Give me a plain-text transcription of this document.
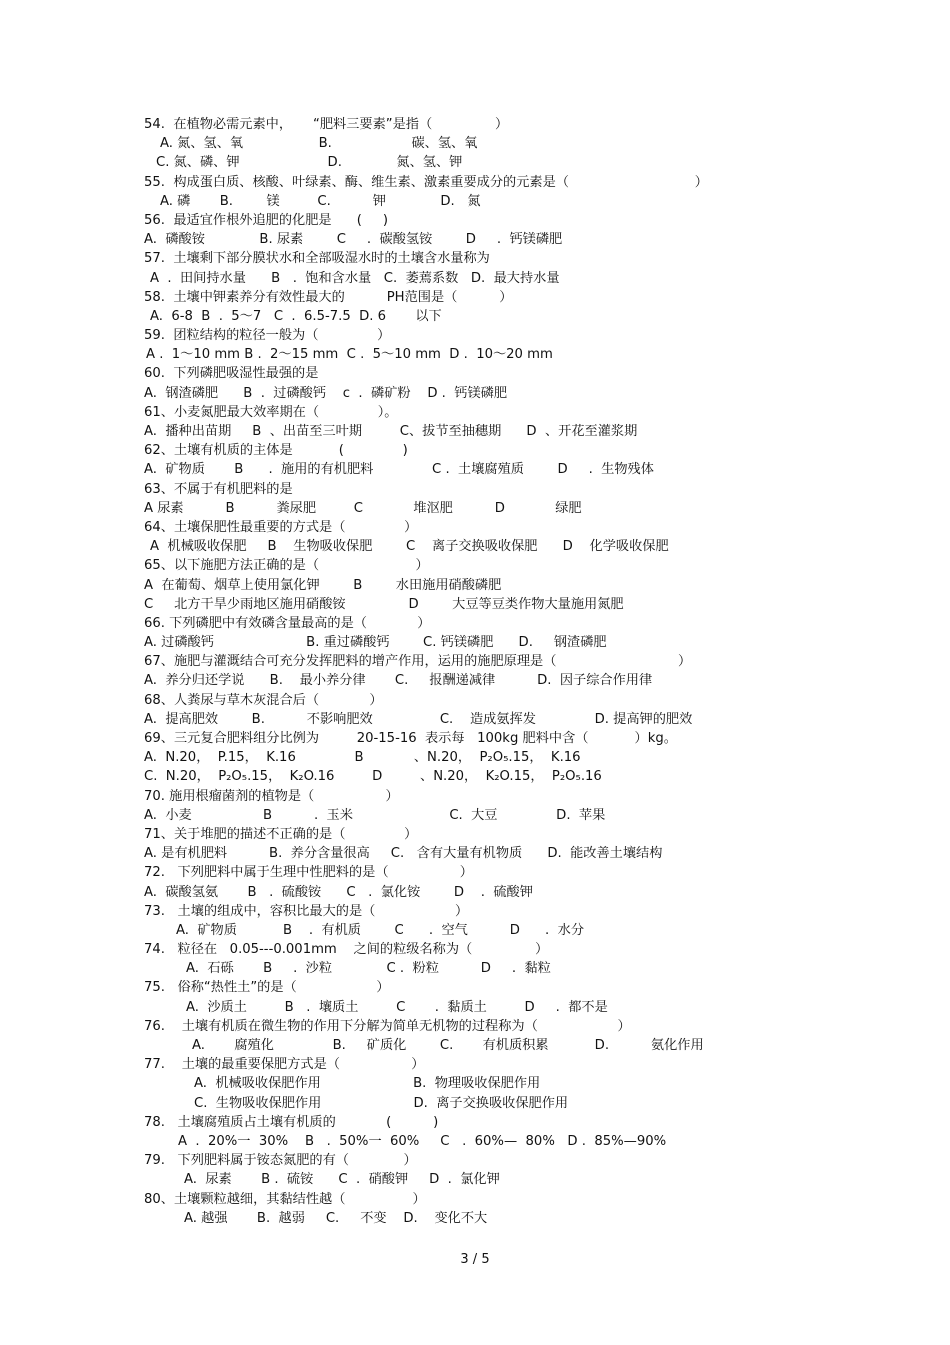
54.  在植物必需元素中，     “肥料三要素”是指（               ）
A. 氮、氢、氧                  B.                   碳、氢、氧
C. 氮、磷、钾                     D.             氮、氢、钾
55.  构成蛋白质、核酸、叶绿素、酶、维生素、激素重要成分的元素是（                              ）
A. 磷       B.        镁         C.          钾             D.   氮
56.  最适宜作根外追肥的化肥是      (     )
A.  磷酸铵             B. 尿素        C     .  碳酸氢铵        D     .  钙镁磷肥
57.  土壤剩下部分膜状水和全部吸湿水时的土壤含水量称为
A  .  田间持水量      B   .  饱和含水量   C.  萎蔫系数   D.  最大持水量
58.  土壤中钾素养分有效性最大的          PH范围是（          ）
A.  6-8  B  .  5～7   C  .  6.5-7.5  D. 6       以下
59.  团粒结构的粒径一般为（              ）
A .  1～10 mm B .  2～15 mm  C .  5～10 mm  D .  10～20 mm
60.  下列磷肥吸湿性最强的是
A.  钢渣磷肥      B  .  过磷酸钙    c  .  磷矿粉    D .  钙镁磷肥
61、小麦氮肥最大效率期在（              ）。
A.  播种出苗期     B  、出苗至三叶期         C、拔节至抽穗期      D  、开花至灌浆期
62、土壤有机质的主体是           (              )
A.  矿物质       B      .  施用的有机肥料              C .  土壤腐殖质        D     .  生物残体
63、不属于有机肥料的是
A 尿素          B          粪尿肥         C            堆沤肥          D            绿肥
64、土壤保肥性最重要的方式是（              ）
A  机械吸收保肥     B    生物吸收保肥        C    离子交换吸收保肥      D    化学吸收保肥
65、以下施肥方法正确的是（                       ）
A  在葡萄、烟草上使用氯化钾        B        水田施用硝酸磷肥
C     北方干旱少雨地区施用硝酸铵               D        大豆等豆类作物大量施用氮肥
66. 下列磷肥中有效磷含量最高的是（            ）
A. 过磷酸钙                      B. 重过磷酸钙        C. 钙镁磷肥      D.     钢渣磷肥
67、施肥与灌溉结合可充分发挥肥料的增产作用，运用的施肥原理是（                             ）
A.  养分归还学说      B.    最小养分律       C.     报酬递减律          D.  因子综合作用律
68、人粪尿与草木灰混合后（            ）
A.  提高肥效        B.          不影响肥效                C.    造成氨挥发              D. 提高钾的肥效
69、三元复合肥料组分比例为         20-15-16  表示每   100kg 肥料中含（           ）kg。
A.  N.20，  P.15，  K.16              B            、N.20，  P₂O₅.15，  K.16
C.  N.20，  P₂O₅.15，  K₂O.16         D         、N.20，  K₂O.15，  P₂O₅.16
70. 施用根瘤菌剂的植物是（                 ）
A.  小麦                 B          .  玉米                       C.  大豆              D.  苹果
71、关于堆肥的描述不正确的是（              ）
A. 是有机肥料          B.  养分含量很高     C.   含有大量有机物质      D.  能改善土壤结构
72.   下列肥料中属于生理中性肥料的是（                 ）
A.  碳酸氢氨       B   .  硫酸铵      C   .  氯化铵        D    .  硫酸钾
73.   土壤的组成中，容积比最大的是（                   ）
A.  矿物质           B    .  有机质        C      .  空气          D      .  水分
74.   粒径在   0.05---0.001mm    之间的粒级名称为（               ）
A.  石砾       B     .  沙粒             C .  粉粒          D     .  黏粒
75.   俗称“热性土”的是（                   ）
A.  沙质土         B   .  壤质土         C       .  黏质土         D     .  都不是
76.    土壤有机质在微生物的作用下分解为简单无机物的过程称为（                   ）
A.       腐殖化              B.     矿质化        C.       有机质积累           D.          氨化作用
77.    土壤的最重要保肥方式是（                 ）
A.  机械吸收保肥作用                      B.  物理吸收保肥作用
C.  生物吸收保肥作用                      D.  离子交换吸收保肥作用
78.   土壤腐殖质占土壤有机质的            (          )
A  .  20%一  30%    B   .  50%一  60%     C   .  60%—  80%   D .  85%—90%
79.   下列肥料属于铵态氮肥的有（             ）
A.  尿素       B .  硫铵      C  .  硝酸钾     D  .  氯化钾
80、土壤颗粒越细，其黏结性越（                ）
A. 越强       B.  越弱     C.     不变    D.    变化不大
3 / 5
